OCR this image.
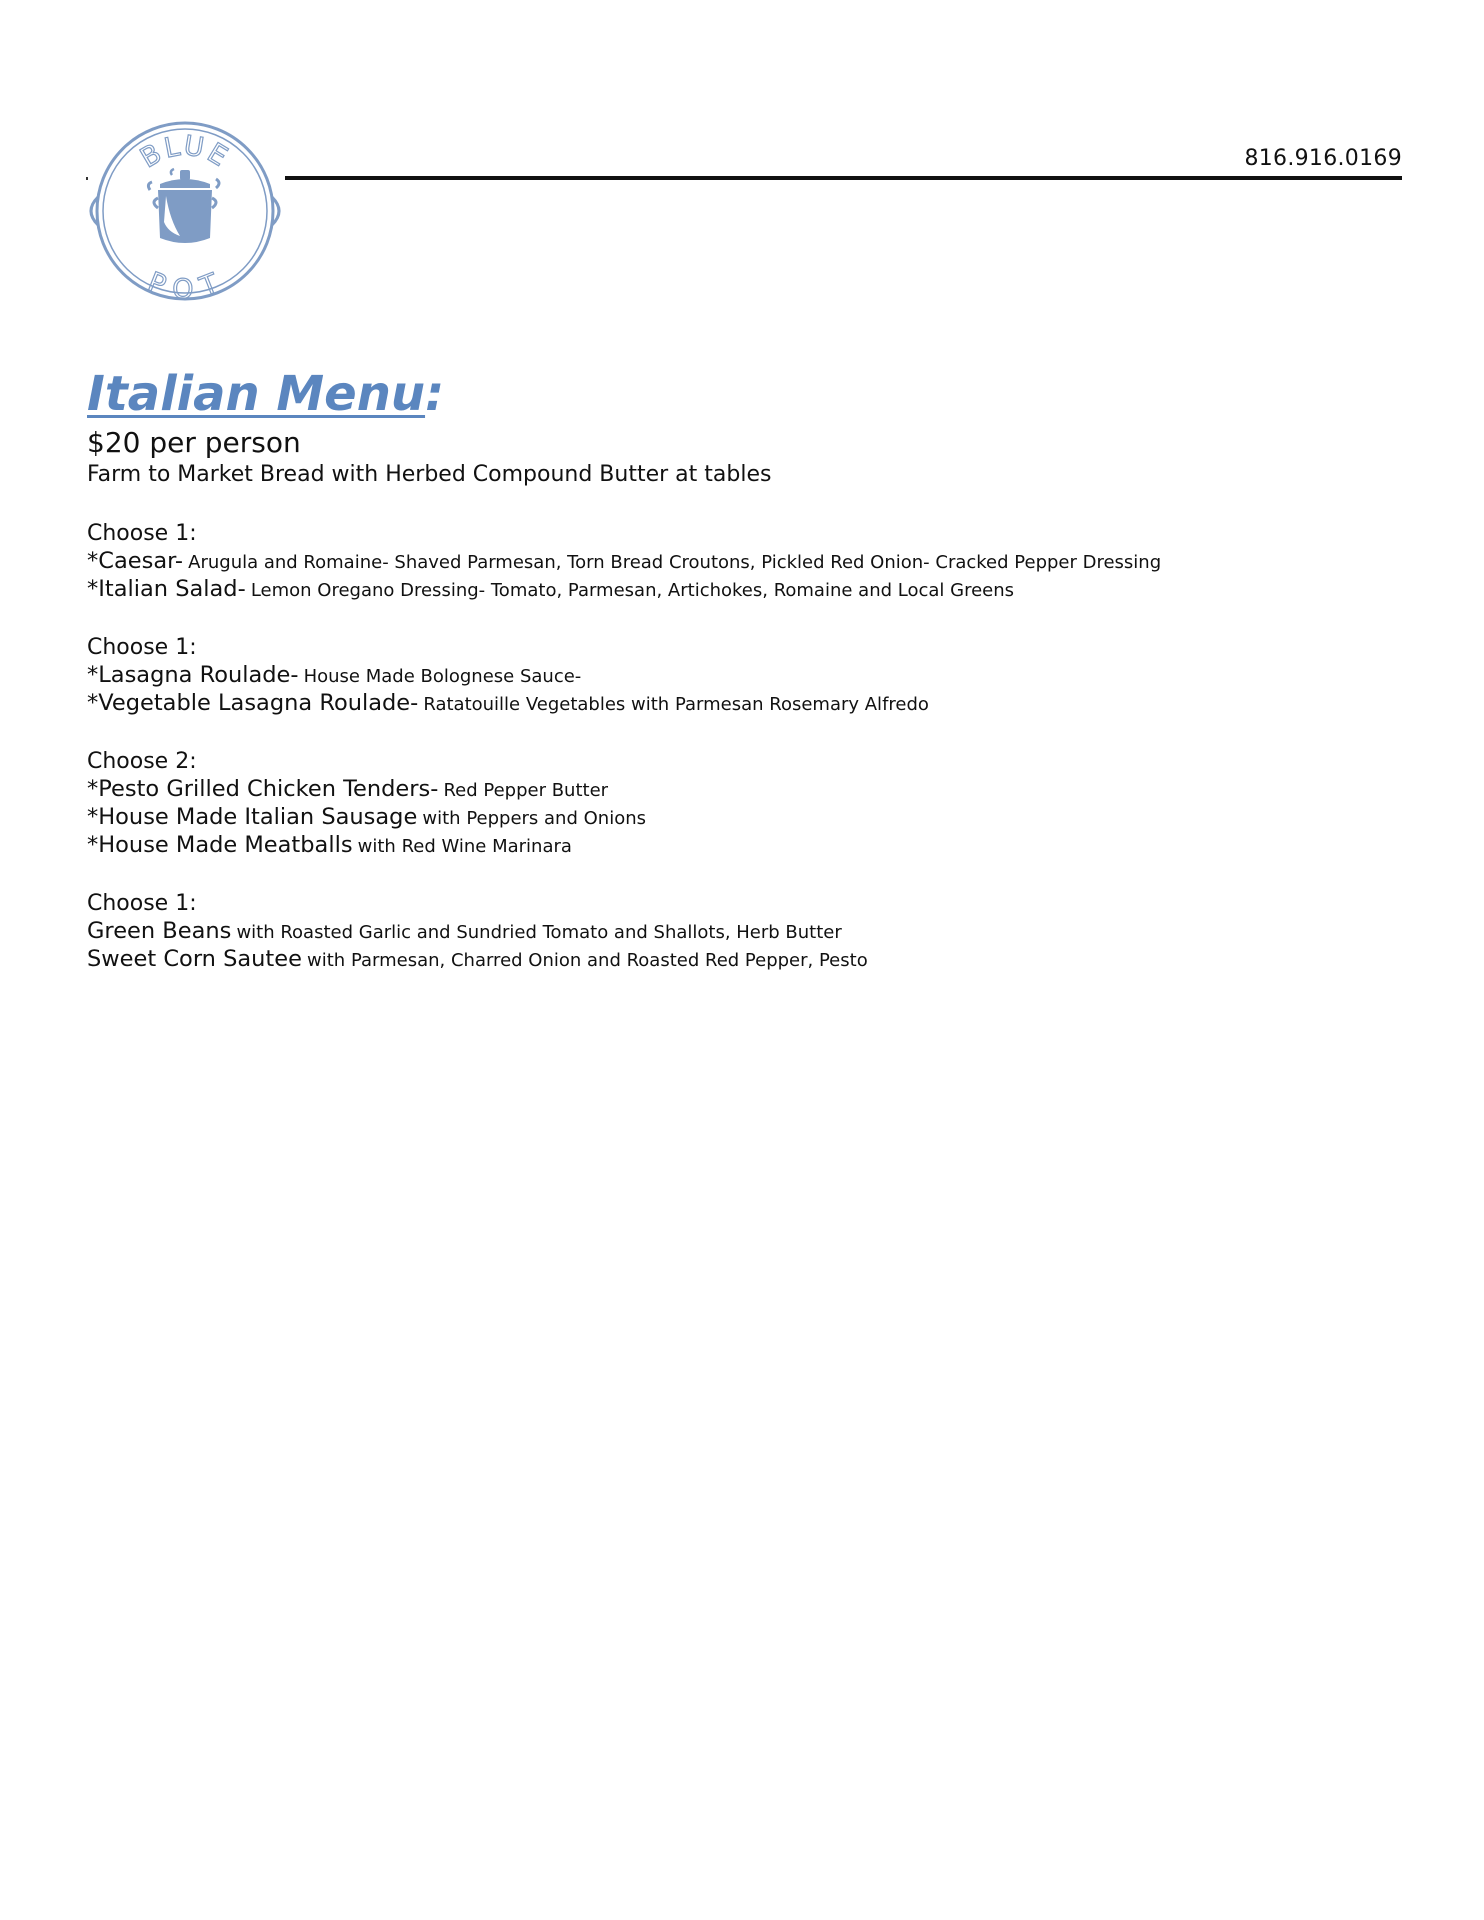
BLUE
POT
816.916.0169
Italian Menu:
$20 per person
Farm to Market Bread with Herbed Compound Butter at tables
Choose 1:
*Caesar- Arugula and Romaine- Shaved Parmesan, Torn Bread Croutons, Pickled Red Onion- Cracked Pepper Dressing
*Italian Salad- Lemon Oregano Dressing- Tomato, Parmesan, Artichokes, Romaine and Local Greens
Choose 1:
*Lasagna Roulade- House Made Bolognese Sauce-
*Vegetable Lasagna Roulade- Ratatouille Vegetables with Parmesan Rosemary Alfredo
Choose 2:
*Pesto Grilled Chicken Tenders- Red Pepper Butter
*House Made Italian Sausage with Peppers and Onions
*House Made Meatballs with Red Wine Marinara
Choose 1:
Green Beans with Roasted Garlic and Sundried Tomato and Shallots, Herb Butter
Sweet Corn Sautee with Parmesan, Charred Onion and Roasted Red Pepper, Pesto
